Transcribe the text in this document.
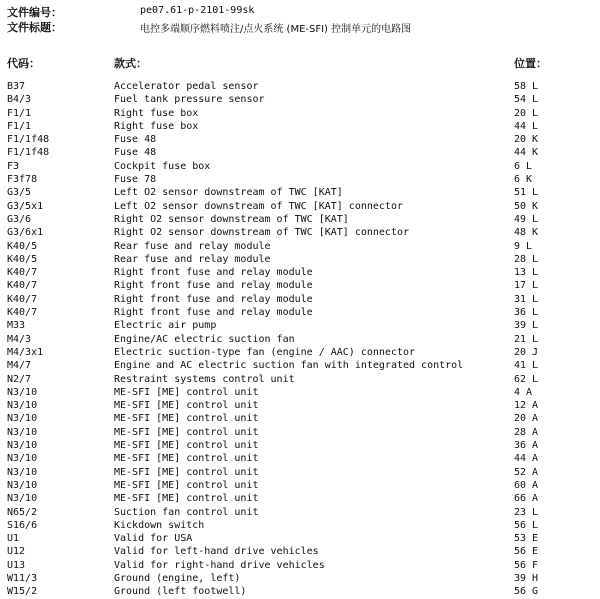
文件编号：	pe07.61-p-2101-99sk
文件标题：	电控多端顺序燃料喷注/点火系统 (ME-SFI) 控制单元的电路图
代码：	款式：	位置：
B37	Accelerator pedal sensor	58 L
B4/3	Fuel tank pressure sensor	54 L
F1/1	Right fuse box	20 L
F1/1	Right fuse box	44 L
F1/1f48	Fuse 48	20 K
F1/1f48	Fuse 48	44 K
F3	Cockpit fuse box	6 L
F3f78	Fuse 78	6 K
G3/5	Left O2 sensor downstream of TWC [KAT]	51 L
G3/5x1	Left O2 sensor downstream of TWC [KAT] connector	50 K
G3/6	Right O2 sensor downstream of TWC [KAT]	49 L
G3/6x1	Right O2 sensor downstream of TWC [KAT] connector	48 K
K40/5	Rear fuse and relay module	9 L
K40/5	Rear fuse and relay module	28 L
K40/7	Right front fuse and relay module	13 L
K40/7	Right front fuse and relay module	17 L
K40/7	Right front fuse and relay module	31 L
K40/7	Right front fuse and relay module	36 L
M33	Electric air pump	39 L
M4/3	Engine/AC electric suction fan	21 L
M4/3x1	Electric suction-type fan (engine / AAC) connector	20 J
M4/7	Engine and AC electric suction fan with integrated control	41 L
N2/7	Restraint systems control unit	62 L
N3/10	ME-SFI [ME] control unit	4 A
N3/10	ME-SFI [ME] control unit	12 A
N3/10	ME-SFI [ME] control unit	20 A
N3/10	ME-SFI [ME] control unit	28 A
N3/10	ME-SFI [ME] control unit	36 A
N3/10	ME-SFI [ME] control unit	44 A
N3/10	ME-SFI [ME] control unit	52 A
N3/10	ME-SFI [ME] control unit	60 A
N3/10	ME-SFI [ME] control unit	66 A
N65/2	Suction fan control unit	23 L
S16/6	Kickdown switch	56 L
U1	Valid for USA	53 E
U12	Valid for left-hand drive vehicles	56 E
U13	Valid for right-hand drive vehicles	56 F
W11/3	Ground (engine, left)	39 H
W15/2	Ground (left footwell)	56 G
